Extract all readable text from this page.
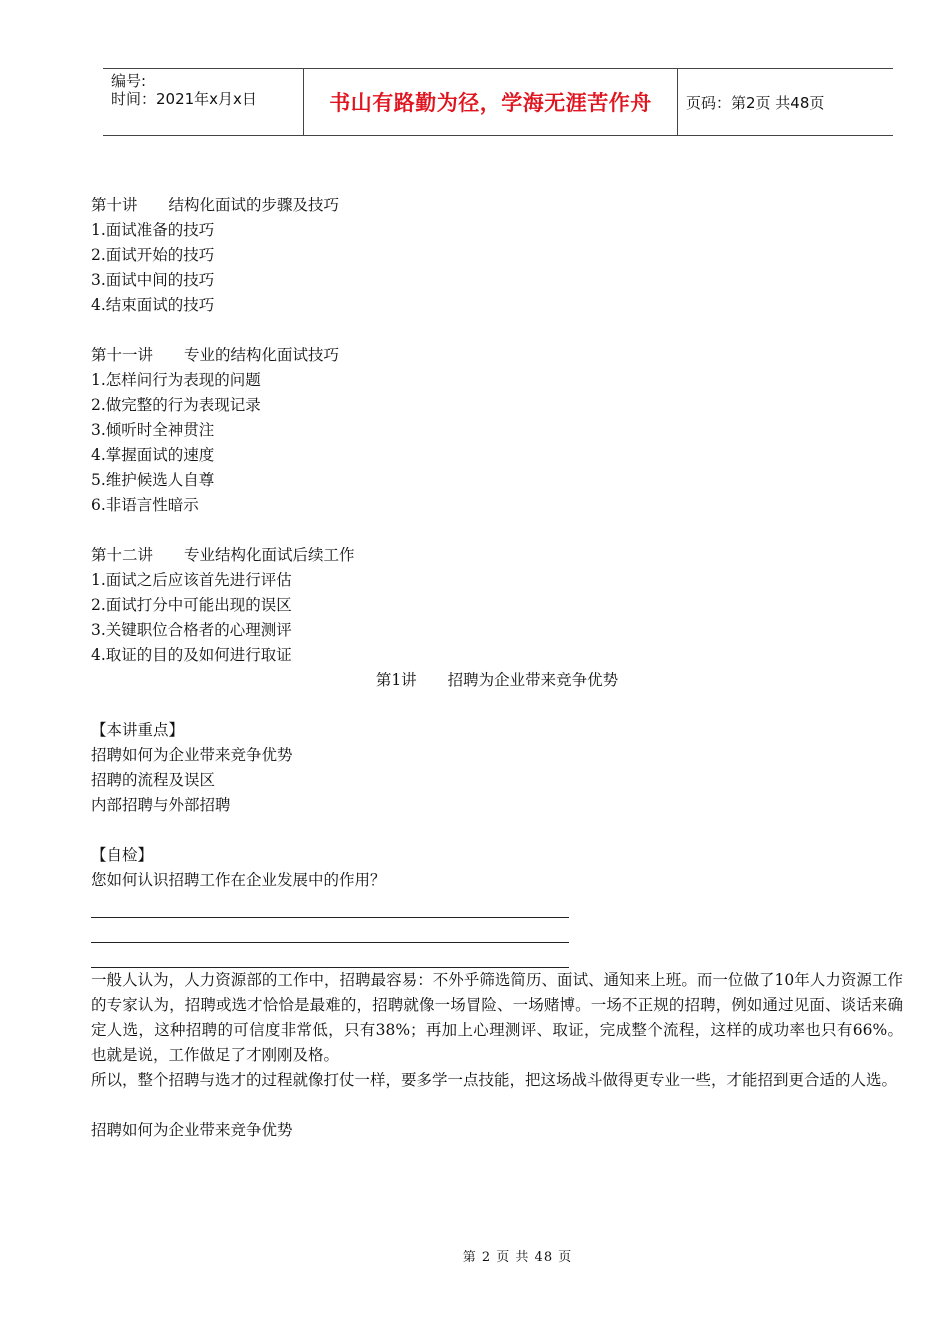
编号:
时间：2021年x月x日	书山有路勤为径，学海无涯苦作舟	页码：第2页 共48页
第十讲　　结构化面试的步骤及技巧
1.面试准备的技巧
2.面试开始的技巧
3.面试中间的技巧
4.结束面试的技巧
第十一讲　　专业的结构化面试技巧
1.怎样问行为表现的问题
2.做完整的行为表现记录
3.倾听时全神贯注
4.掌握面试的速度
5.维护候选人自尊
6.非语言性暗示
第十二讲　　专业结构化面试后续工作
1.面试之后应该首先进行评估
2.面试打分中可能出现的误区
3.关键职位合格者的心理测评
4.取证的目的及如何进行取证
第1讲　　招聘为企业带来竞争优势
【本讲重点】
招聘如何为企业带来竞争优势
招聘的流程及误区
内部招聘与外部招聘
【自检】
您如何认识招聘工作在企业发展中的作用？
一般人认为，人力资源部的工作中，招聘最容易：不外乎筛选简历、面试、通知来上班。而一位做了10年人力资源工作的专家认为，招聘或选才恰恰是最难的，招聘就像一场冒险、一场赌博。一场不正规的招聘，例如通过见面、谈话来确定人选，这种招聘的可信度非常低，只有38%；再加上心理测评、取证，完成整个流程，这样的成功率也只有66%。也就是说，工作做足了才刚刚及格。
所以，整个招聘与选才的过程就像打仗一样，要多学一点技能，把这场战斗做得更专业一些，才能招到更合适的人选。
招聘如何为企业带来竞争优势
第 2 页 共 48 页
